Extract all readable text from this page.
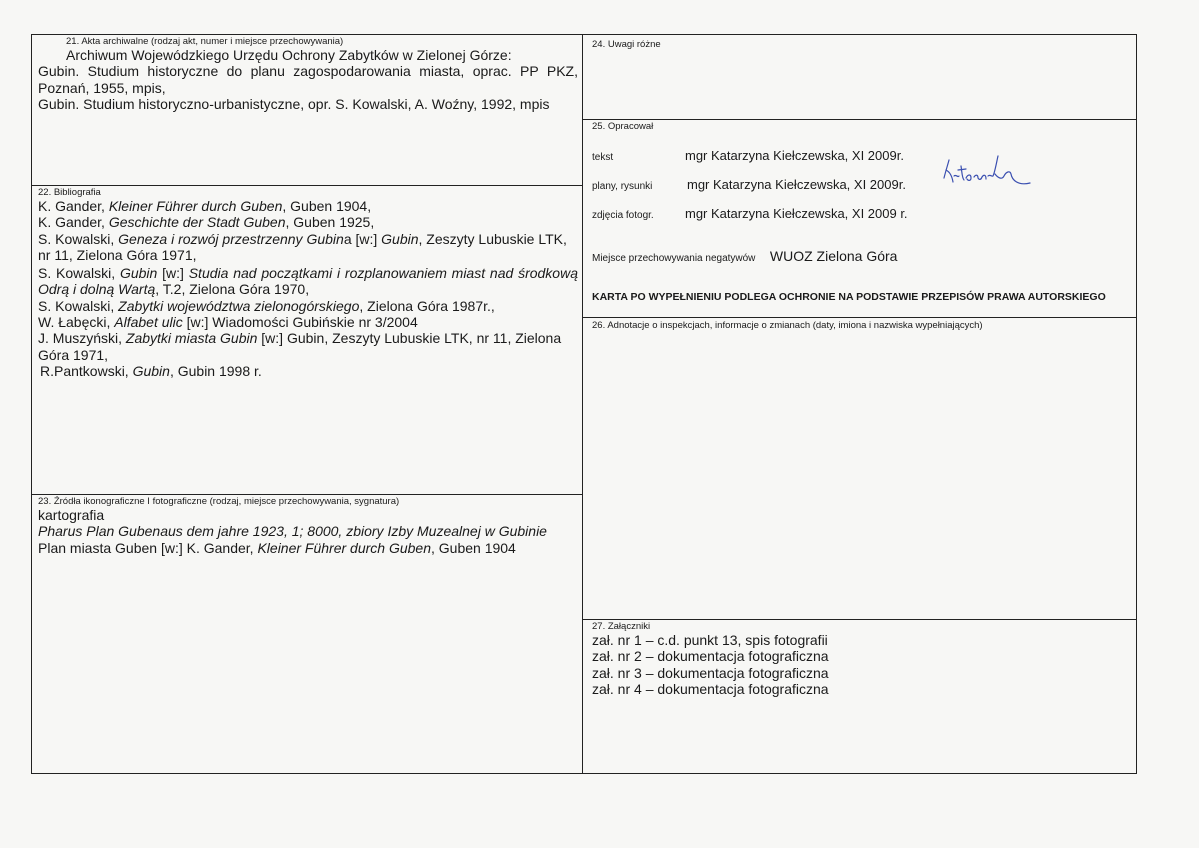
21. Akta archiwalne (rodzaj akt, numer i miejsce przechowywania)
Archiwum Wojewódzkiego Urzędu Ochrony Zabytków w Zielonej Górze:
Gubin. Studium historyczne do planu zagospodarowania miasta, oprac. PP PKZ, Poznań, 1955, mpis,
Gubin. Studium historyczno-urbanistyczne, opr. S. Kowalski, A. Woźny, 1992, mpis
22. Bibliografia
K. Gander, Kleiner Führer durch Guben, Guben 1904,
K. Gander, Geschichte der Stadt Guben, Guben 1925,
S. Kowalski, Geneza i rozwój przestrzenny Gubina [w:] Gubin, Zeszyty Lubuskie LTK, nr 11, Zielona Góra 1971,
S. Kowalski, Gubin [w:] Studia nad początkami i rozplanowaniem miast nad środkową Odrą i dolną Wartą, T.2, Zielona Góra 1970,
S. Kowalski, Zabytki województwa zielonogórskiego, Zielona Góra 1987r.,
W. Łabęcki, Alfabet ulic [w:] Wiadomości Gubińskie nr 3/2004
J. Muszyński, Zabytki miasta Gubin [w:] Gubin, Zeszyty Lubuskie LTK, nr 11, Zielona Góra 1971,
R.Pantkowski, Gubin, Gubin 1998 r.
23. Źródła ikonograficzne I fotograficzne (rodzaj, miejsce przechowywania, sygnatura)
kartografia
Pharus Plan Gubenaus dem jahre 1923, 1; 8000, zbiory Izby Muzealnej w Gubinie
Plan miasta Guben [w:] K. Gander, Kleiner Führer durch Guben, Guben 1904
24. Uwagi różne
25. Opracował
tekst	mgr Katarzyna Kiełczewska, XI 2009r.
plany, rysunki	mgr Katarzyna Kiełczewska, XI 2009r.
zdjęcia fotogr. mgr Katarzyna Kiełczewska, XI 2009 r.
Miejsce przechowywania negatywów WUOZ Zielona Góra
KARTA PO WYPEŁNIENIU PODLEGA OCHRONIE NA PODSTAWIE PRZEPISÓW PRAWA AUTORSKIEGO
26. Adnotacje o inspekcjach, informacje o zmianach (daty, imiona i nazwiska wypełniających)
27. Załączniki
zał. nr 1 – c.d. punkt 13, spis fotografii
zał. nr 2 – dokumentacja fotograficzna
zał. nr 3 – dokumentacja fotograficzna
zał. nr 4 – dokumentacja fotograficzna
